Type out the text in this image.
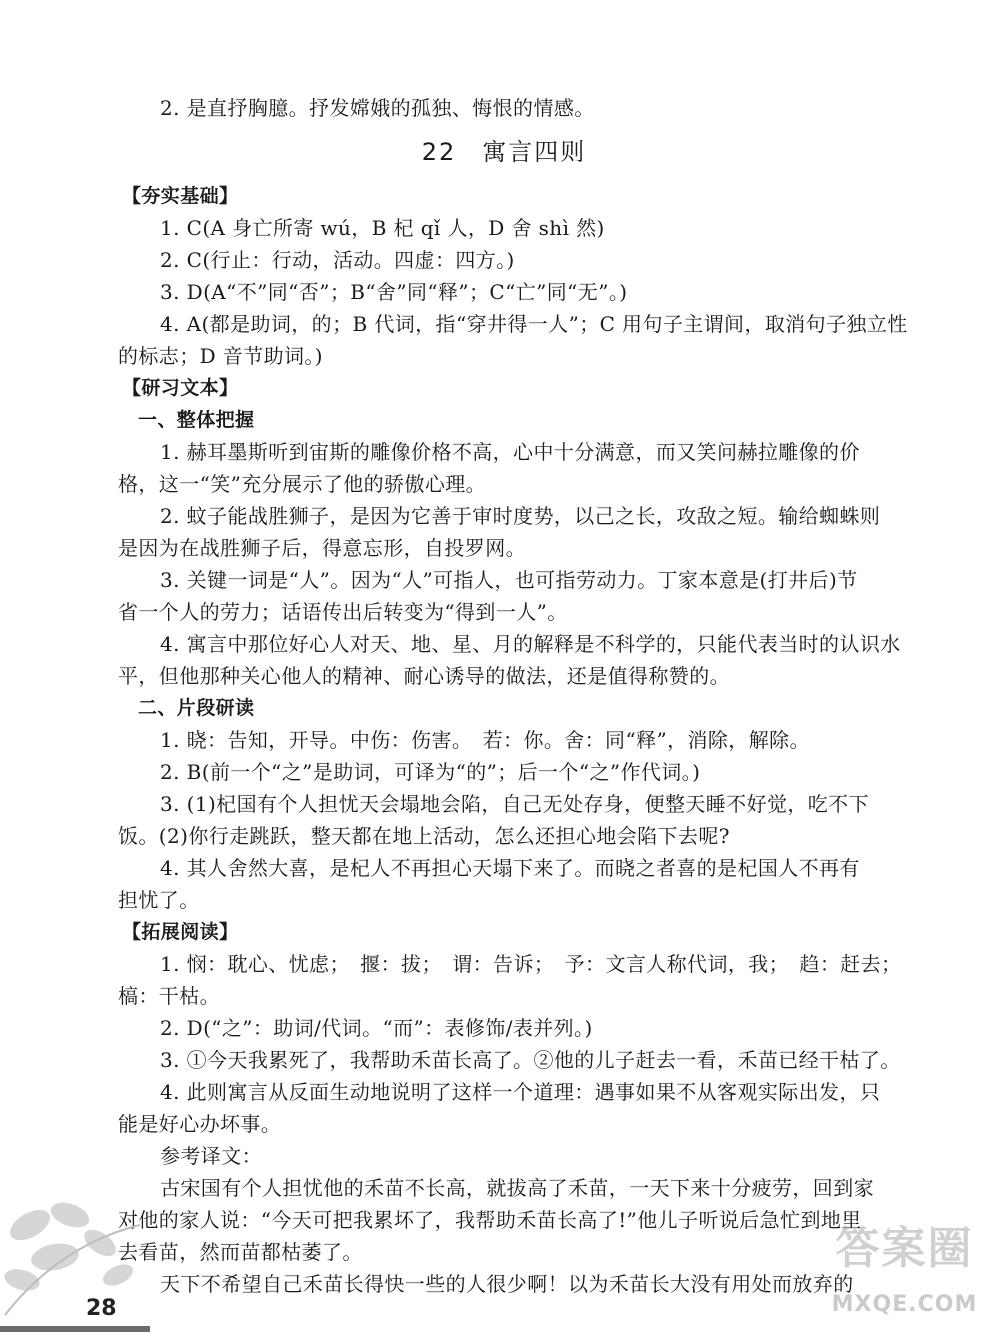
2. 是直抒胸臆。抒发嫦娥的孤独、悔恨的情感。
22　寓言四则
【夯实基础】
1. C(A 身亡所寄 wú，B 杞 qǐ 人，D 舍 shì 然)
2. C(行止：行动，活动。四虚：四方。)
3. D(A“不”同“否”；B“舍”同“释”；C“亡”同“无”。)
4. A(都是助词，的；B 代词，指“穿井得一人”；C 用句子主谓间，取消句子独立性
的标志；D 音节助词。)
【研习文本】
一、整体把握
1. 赫耳墨斯听到宙斯的雕像价格不高，心中十分满意，而又笑问赫拉雕像的价
格，这一“笑”充分展示了他的骄傲心理。
2. 蚊子能战胜狮子，是因为它善于审时度势，以己之长，攻敌之短。输给蜘蛛则
是因为在战胜狮子后，得意忘形，自投罗网。
3. 关键一词是“人”。因为“人”可指人，也可指劳动力。丁家本意是(打井后)节
省一个人的劳力；话语传出后转变为“得到一人”。
4. 寓言中那位好心人对天、地、星、月的解释是不科学的，只能代表当时的认识水
平，但他那种关心他人的精神、耐心诱导的做法，还是值得称赞的。
二、片段研读
1. 晓：告知，开导。中伤：伤害。　若：你。舍：同“释”，消除，解除。
2. B(前一个“之”是助词，可译为“的”；后一个“之”作代词。)
3. (1)杞国有个人担忧天会塌地会陷，自己无处存身，便整天睡不好觉，吃不下
饭。(2)你行走跳跃，整天都在地上活动，怎么还担心地会陷下去呢?
4. 其人舍然大喜，是杞人不再担心天塌下来了。而晓之者喜的是杞国人不再有
担忧了。
【拓展阅读】
1. 悯：耽心、忧虑；　揠：拔；　谓：告诉；　予：文言人称代词，我；　趋：赶去；
槁：干枯。
2. D(“之”：助词/代词。“而”：表修饰/表并列。)
3. ①今天我累死了，我帮助禾苗长高了。②他的儿子赶去一看，禾苗已经干枯了。
4. 此则寓言从反面生动地说明了这样一个道理：遇事如果不从客观实际出发，只
能是好心办坏事。
参考译文：
古宋国有个人担忧他的禾苗不长高，就拔高了禾苗，一天下来十分疲劳，回到家
对他的家人说：“今天可把我累坏了，我帮助禾苗长高了!”他儿子听说后急忙到地里
去看苗，然而苗都枯萎了。
天下不希望自己禾苗长得快一些的人很少啊！以为禾苗长大没有用处而放弃的
28
答案圈
MXQE.COM
